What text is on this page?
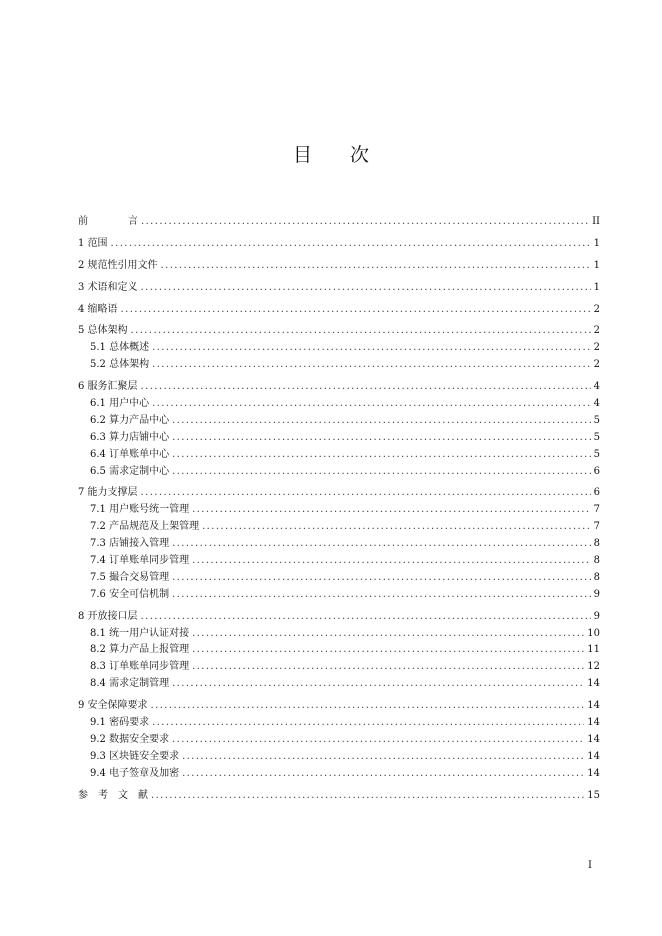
目　　次
前　　　　言 .....	II
1 范围 .....	1
2 规范性引用文件 .....	1
3 术语和定义 .....	1
4 缩略语 .....	2
5 总体架构 .....	2
5.1 总体概述 .....	2
5.2 总体架构 .....	2
6 服务汇聚层 .....	4
6.1 用户中心 .....	4
6.2 算力产品中心 .....	5
6.3 算力店铺中心 .....	5
6.4 订单账单中心 .....	5
6.5 需求定制中心 .....	6
7 能力支撑层 .....	6
7.1 用户账号统一管理 .....	7
7.2 产品规范及上架管理 .....	7
7.3 店铺接入管理 .....	8
7.4 订单账单同步管理 .....	8
7.5 撮合交易管理 .....	8
7.6 安全可信机制 .....	9
8 开放接口层 .....	9
8.1 统一用户认证对接 .....	10
8.2 算力产品上报管理 .....	11
8.3 订单账单同步管理 .....	12
8.4 需求定制管理 .....	14
9 安全保障要求 .....	14
9.1 密码要求 .....	14
9.2 数据安全要求 .....	14
9.3 区块链安全要求 .....	14
9.4 电子签章及加密 .....	14
参　考　文　献 .....	15
I
